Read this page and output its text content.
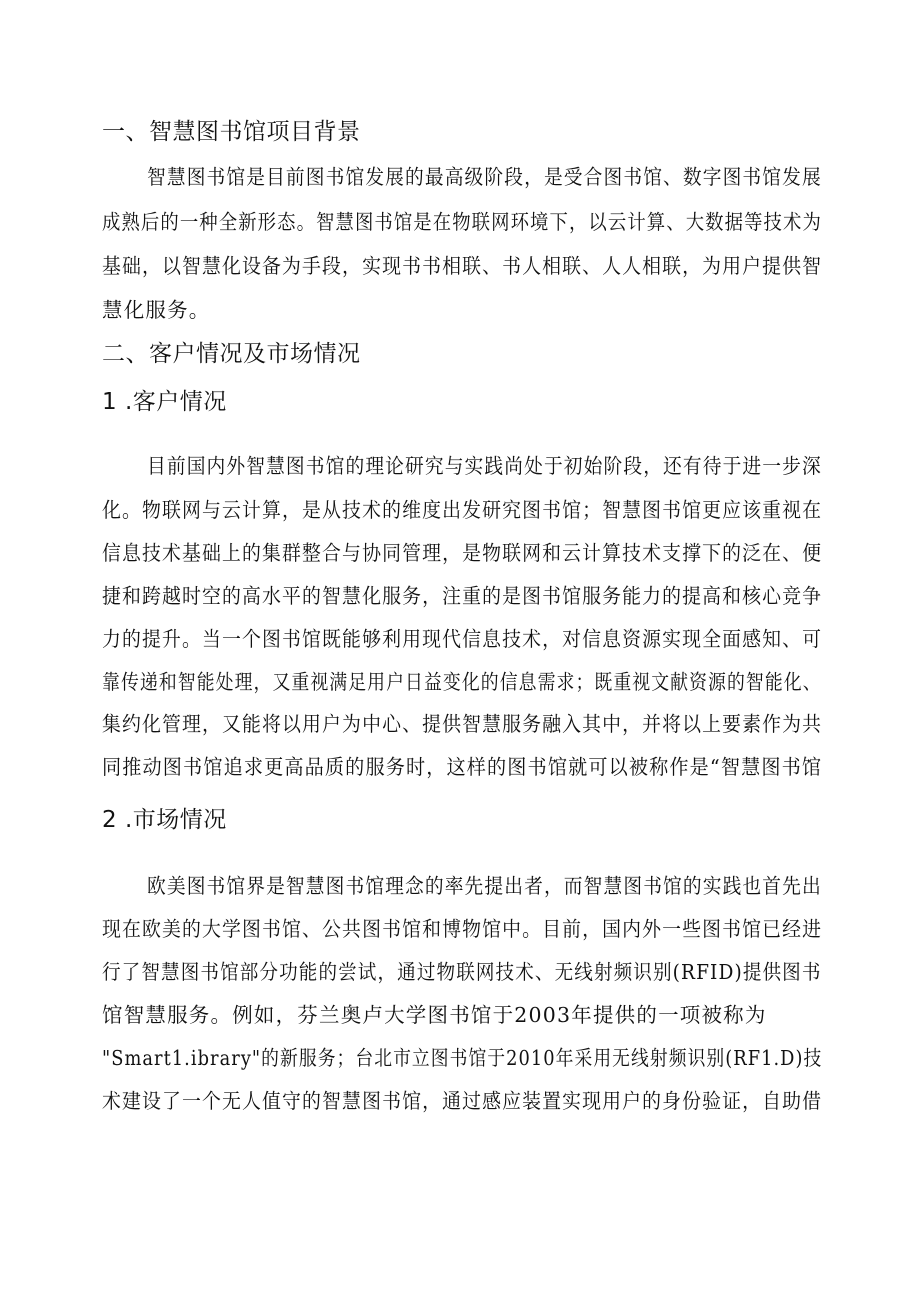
一、智慧图书馆项目背景
智慧图书馆是目前图书馆发展的最高级阶段，是受合图书馆、数字图书馆发展
成熟后的一种全新形态。智慧图书馆是在物联网环境下，以云计算、大数据等技术为
基础，以智慧化设备为手段，实现书书相联、书人相联、人人相联，为用户提供智
慧化服务。
二、客户情况及市场情况
1 .客户情况
目前国内外智慧图书馆的理论研究与实践尚处于初始阶段，还有待于进一步深
化。物联网与云计算，是从技术的维度出发研究图书馆；智慧图书馆更应该重视在
信息技术基础上的集群整合与协同管理，是物联网和云计算技术支撑下的泛在、便
捷和跨越时空的高水平的智慧化服务，注重的是图书馆服务能力的提高和核心竞争
力的提升。当一个图书馆既能够利用现代信息技术，对信息资源实现全面感知、可
靠传递和智能处理，又重视满足用户日益变化的信息需求；既重视文献资源的智能化、
集约化管理，又能将以用户为中心、提供智慧服务融入其中，并将以上要素作为共
同推动图书馆追求更高品质的服务时，这样的图书馆就可以被称作是“智慧图书馆
2 .市场情况
欧美图书馆界是智慧图书馆理念的率先提出者，而智慧图书馆的实践也首先出
现在欧美的大学图书馆、公共图书馆和博物馆中。目前，国内外一些图书馆已经进
行了智慧图书馆部分功能的尝试，通过物联网技术、无线射频识别(RFID)提供图书
馆智慧服务。例如，芬兰奥卢大学图书馆于2003年提供的一项被称为
"Smart1.ibrary"的新服务；台北市立图书馆于2010年采用无线射频识别(RF1.D)技
术建设了一个无人值守的智慧图书馆，通过感应装置实现用户的身份验证，自助借
